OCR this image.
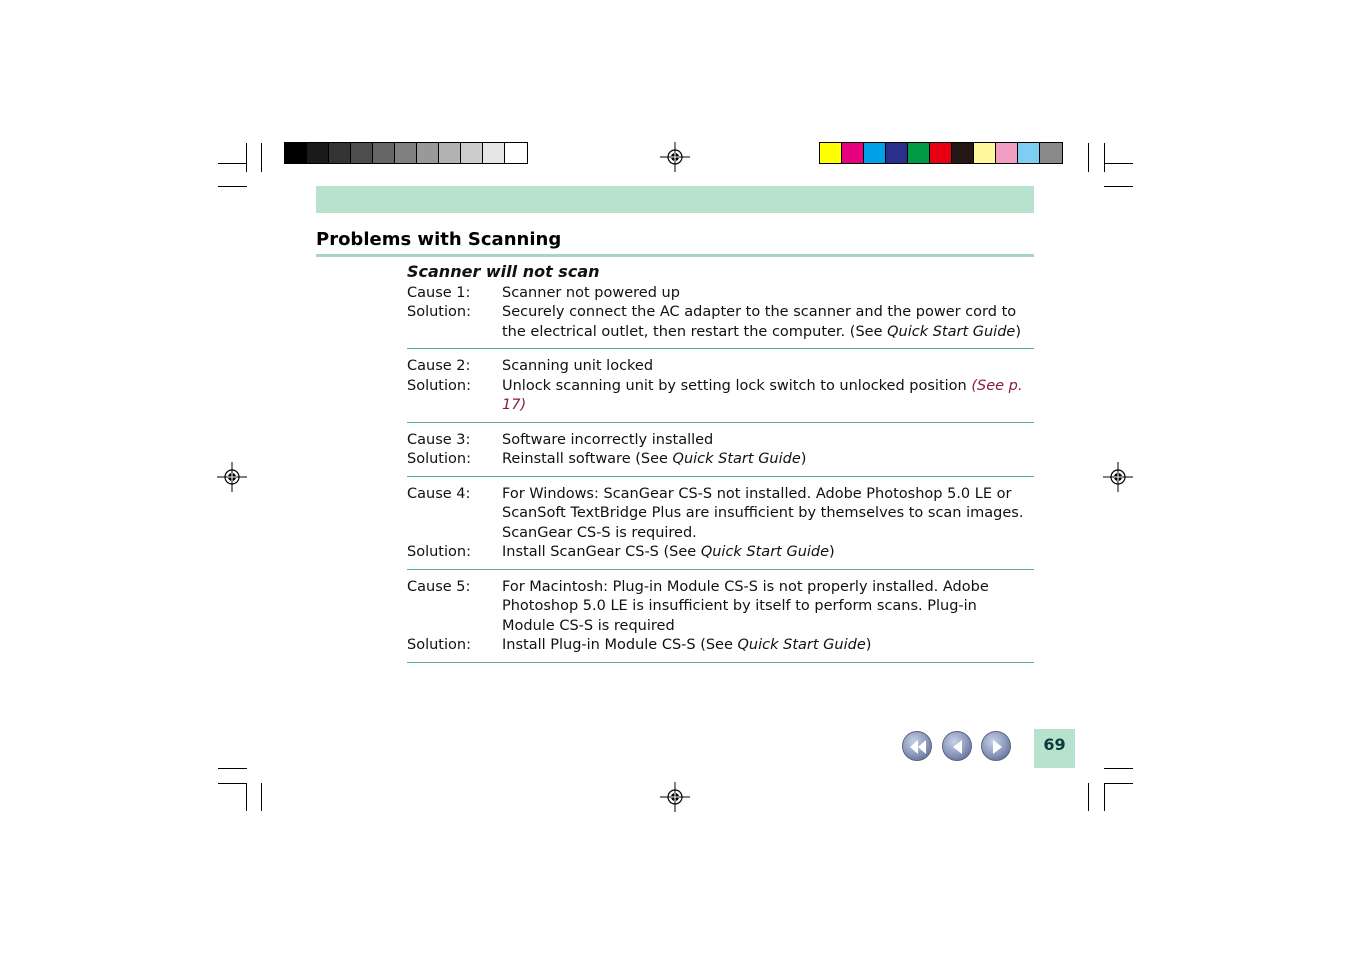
Problems with Scanning
Scanner will not scan
Cause 1:	Scanner not powered up
Solution:	Securely connect the AC adapter to the scanner and the power cord to the electrical outlet, then restart the computer. (See Quick Start Guide)
Cause 2:	Scanning unit locked
Solution:	Unlock scanning unit by setting lock switch to unlocked position (See p. 17)
Cause 3:	Software incorrectly installed
Solution:	Reinstall software (See Quick Start Guide)
Cause 4:	For Windows: ScanGear CS-S not installed. Adobe Photoshop 5.0 LE or ScanSoft TextBridge Plus are insufficient by themselves to scan images. ScanGear CS-S is required.
Solution:	Install ScanGear CS-S (See Quick Start Guide)
Cause 5:	For Macintosh: Plug-in Module CS-S is not properly installed. Adobe Photoshop 5.0 LE is insufficient by itself to perform scans. Plug-in Module CS-S is required
Solution:	Install Plug-in Module CS-S (See Quick Start Guide)
69
